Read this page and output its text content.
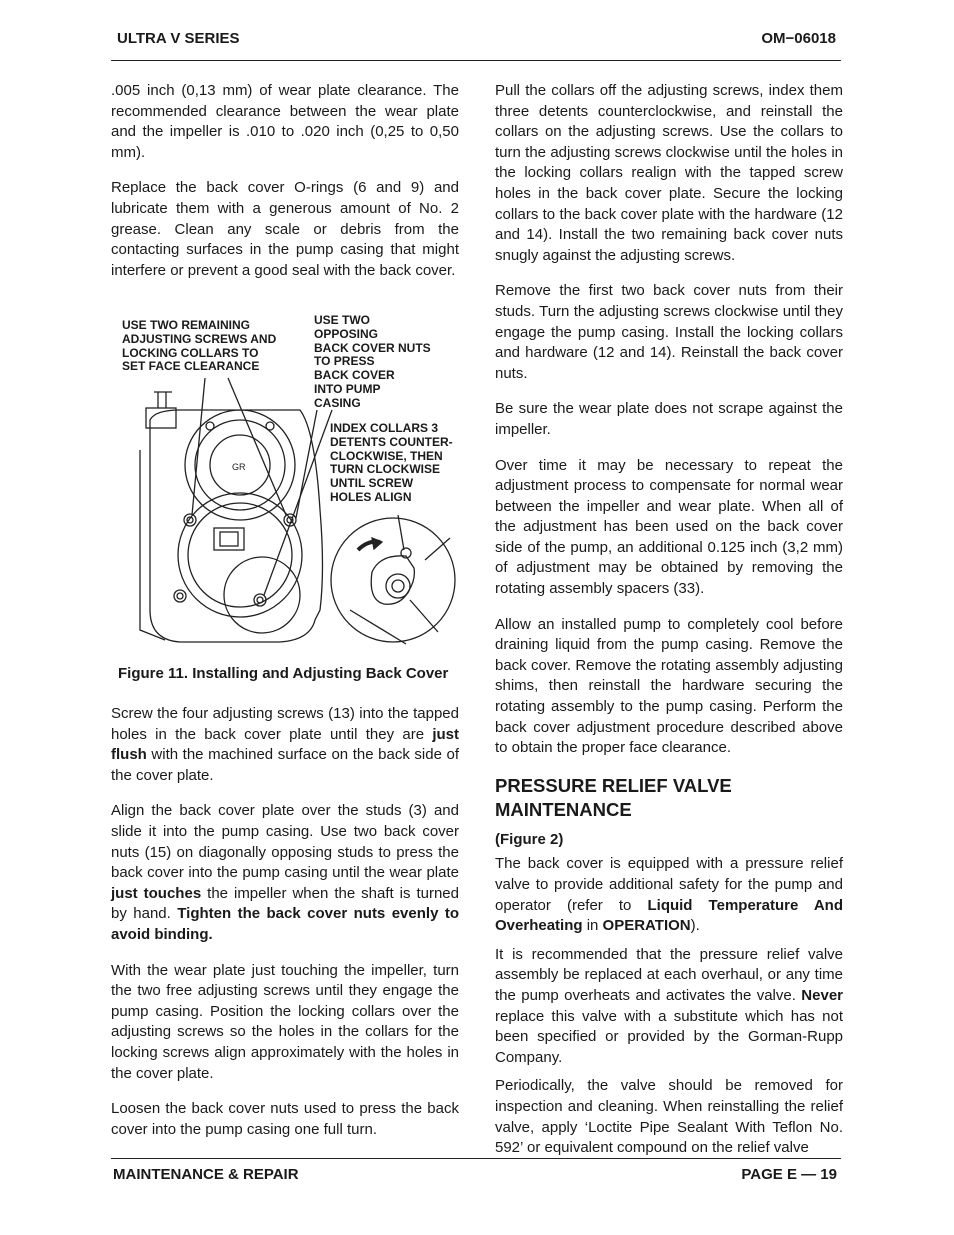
ULTRA V SERIES	OM−06018

.005 inch (0,13 mm) of wear plate clearance. The recommended clearance between the wear plate and the impeller is .010 to .020 inch (0,25 to 0,50 mm).

Replace the back cover O-rings (6 and 9) and lubricate them with a generous amount of No. 2 grease. Clean any scale or debris from the contacting surfaces in the pump casing that might interfere or prevent a good seal with the back cover.

GR
USE TWO REMAINING
ADJUSTING SCREWS AND
LOCKING COLLARS TO
SET FACE CLEARANCE
USE TWO
OPPOSING
BACK COVER NUTS
TO PRESS
BACK COVER
INTO PUMP
CASING
INDEX COLLARS 3
DETENTS COUNTER-
CLOCKWISE, THEN
TURN CLOCKWISE
UNTIL SCREW
HOLES ALIGN
Figure 11. Installing and Adjusting Back Cover

Screw the four adjusting screws (13) into the tapped holes in the back cover plate until they are just flush with the machined surface on the back side of the cover plate.

Align the back cover plate over the studs (3) and slide it into the pump casing. Use two back cover nuts (15) on diagonally opposing studs to press the back cover into the pump casing until the wear plate just touches the impeller when the shaft is turned by hand. Tighten the back cover nuts evenly to avoid binding.

With the wear plate just touching the impeller, turn the two free adjusting screws until they engage the pump casing. Position the locking collars over the adjusting screws so the holes in the collars for the locking screws align approximately with the holes in the cover plate.

Loosen the back cover nuts used to press the back cover into the pump casing one full turn.

Pull the collars off the adjusting screws, index them three detents counterclockwise, and reinstall the collars on the adjusting screws. Use the collars to turn the adjusting screws clockwise until the holes in the locking collars realign with the tapped screw holes in the back cover plate. Secure the locking collars to the back cover plate with the hardware (12 and 14). Install the two remaining back cover nuts snugly against the adjusting screws.

Remove the first two back cover nuts from their studs. Turn the adjusting screws clockwise until they engage the pump casing. Install the locking collars and hardware (12 and 14). Reinstall the back cover nuts.

Be sure the wear plate does not scrape against the impeller.

Over time it may be necessary to repeat the adjustment process to compensate for normal wear between the impeller and wear plate. When all of the adjustment has been used on the back cover side of the pump, an additional 0.125 inch (3,2 mm) of adjustment may be obtained by removing the rotating assembly spacers (33).

Allow an installed pump to completely cool before draining liquid from the pump casing. Remove the back cover. Remove the rotating assembly adjusting shims, then reinstall the hardware securing the rotating assembly to the pump casing. Perform the back cover adjustment procedure described above to obtain the proper face clearance.

PRESSURE RELIEF VALVE MAINTENANCE
(Figure 2)

The back cover is equipped with a pressure relief valve to provide additional safety for the pump and operator (refer to Liquid Temperature And Overheating in OPERATION).

It is recommended that the pressure relief valve assembly be replaced at each overhaul, or any time the pump overheats and activates the valve. Never replace this valve with a substitute which has not been specified or provided by the Gorman-Rupp Company.

Periodically, the valve should be removed for inspection and cleaning. When reinstalling the relief valve, apply ‘Loctite Pipe Sealant With Teflon No. 592’ or equivalent compound on the relief valve

MAINTENANCE & REPAIR	PAGE E — 19
